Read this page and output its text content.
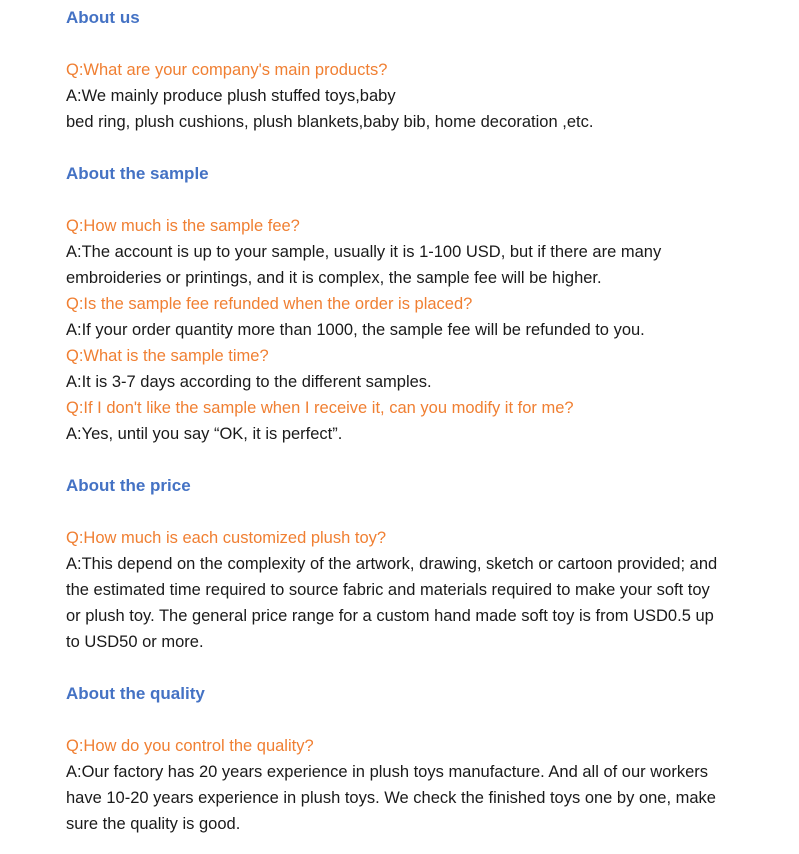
About us
Q:What are your company's main products?
A:We mainly produce plush stuffed toys,baby
bed ring, plush cushions, plush blankets,baby bib, home decoration ,etc.
About the sample
Q:How much is the sample fee?
A:The account is up to your sample, usually it is 1-100 USD, but if there are many
embroideries or printings, and it is complex, the sample fee will be higher.
Q:Is the sample fee refunded when the order is placed?
A:If your order quantity more than 1000, the sample fee will be refunded to you.
Q:What is the sample time?
A:It is 3-7 days according to the different samples.
Q:If I don't like the sample when I receive it, can you modify it for me?
A:Yes, until you say “OK, it is perfect”.
About the price
Q:How much is each customized plush toy?
A:This depend on the complexity of the artwork, drawing, sketch or cartoon provided; and
the estimated time required to source fabric and materials required to make your soft toy
or plush toy. The general price range for a custom hand made soft toy is from USD0.5 up
to USD50 or more.
About the quality
Q:How do you control the quality?
A:Our factory has 20 years experience in plush toys manufacture. And all of our workers
have 10-20 years experience in plush toys. We check the finished toys one by one, make
sure the quality is good.
